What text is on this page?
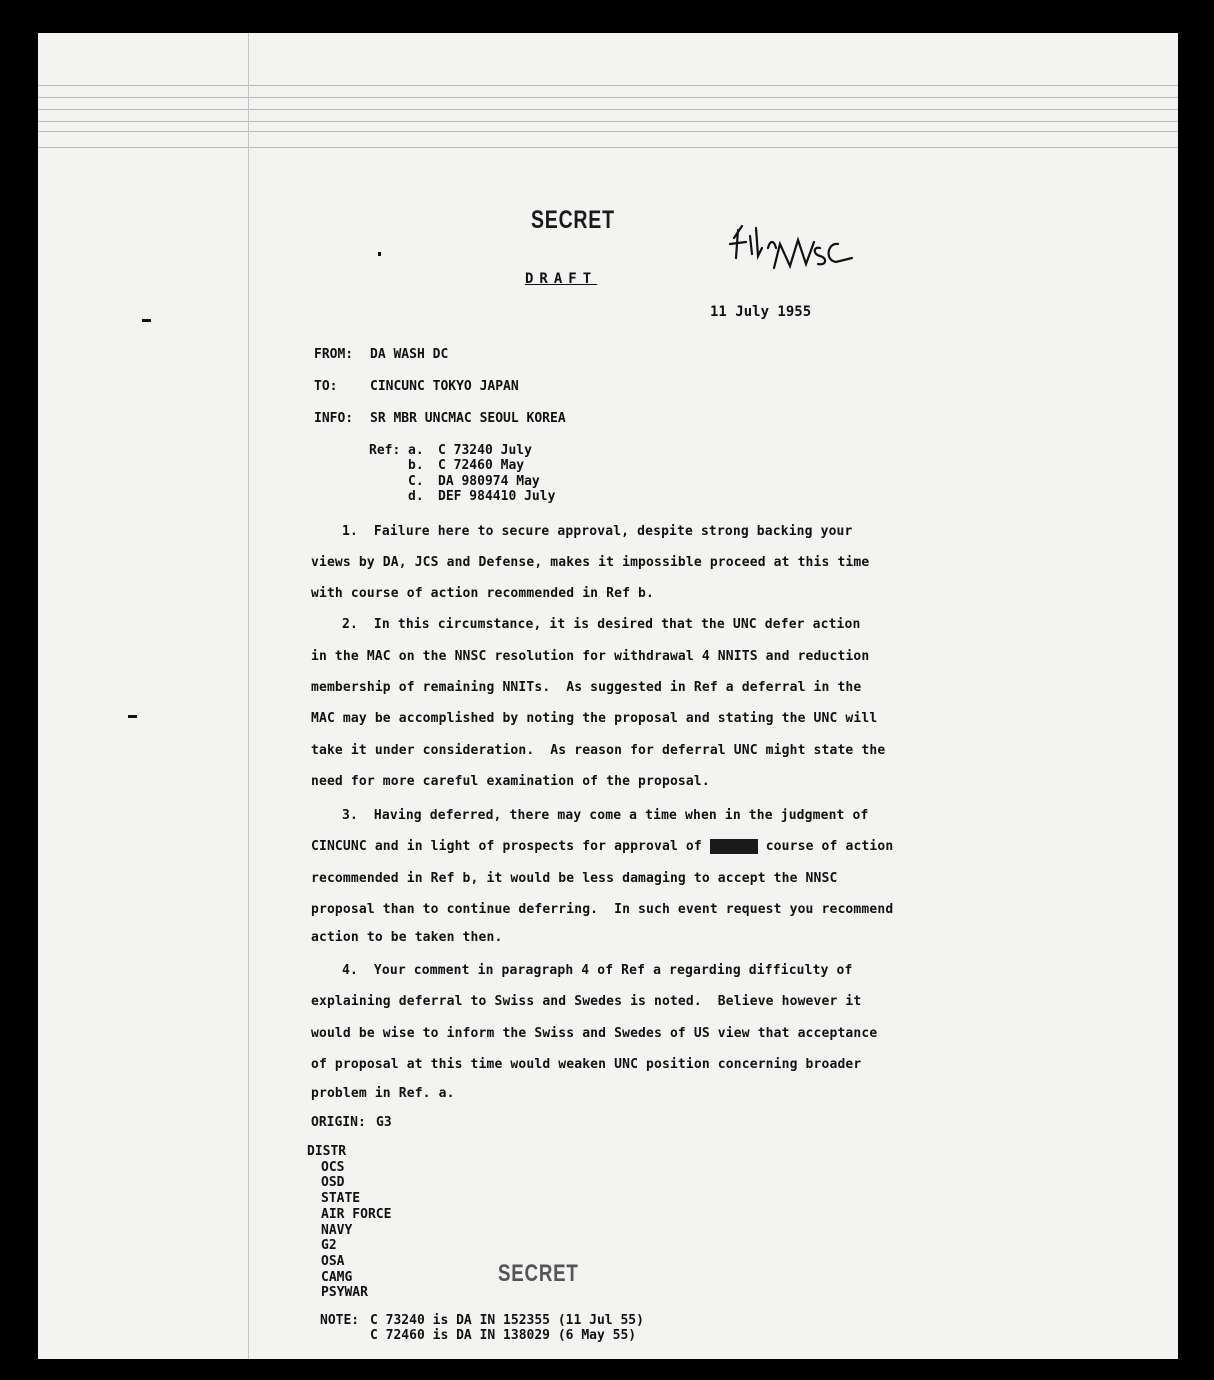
SECRET
DRAFT
11 July 1955
FROM: DA WASH DC
TO:	CINCUNC TOKYO JAPAN
INFO: SR MBR UNCMAC SEOUL KOREA
Ref: a. C 73240 July
b. C 72460 May
C. DA 980974 May
d. DEF 984410 July
1.  Failure here to secure approval, despite strong backing your
views by DA, JCS and Defense, makes it impossible proceed at this time
with course of action recommended in Ref b.
2.  In this circumstance, it is desired that the UNC defer action
in the MAC on the NNSC resolution for withdrawal 4 NNITS and reduction
membership of remaining NNITs.  As suggested in Ref a deferral in the
MAC may be accomplished by noting the proposal and stating the UNC will
take it under consideration.  As reason for deferral UNC might state the
need for more careful examination of the proposal.
3.  Having deferred, there may come a time when in the judgment of
CINCUNC and in light of prospects for approval of xxxxxx course of action
recommended in Ref b, it would be less damaging to accept the NNSC
proposal than to continue deferring.  In such event request you recommend
action to be taken then.
4.  Your comment in paragraph 4 of Ref a regarding difficulty of
explaining deferral to Swiss and Swedes is noted.  Believe however it
would be wise to inform the Swiss and Swedes of US view that acceptance
of proposal at this time would weaken UNC position concerning broader
problem in Ref. a.
ORIGIN: G3
DISTR
OCS
OSD
STATE
AIR FORCE
NAVY
G2
OSA
CAMG
PSYWAR
SECRET
NOTE: C 73240 is DA IN 152355 (11 Jul 55)
C 72460 is DA IN 138029 (6 May 55)
